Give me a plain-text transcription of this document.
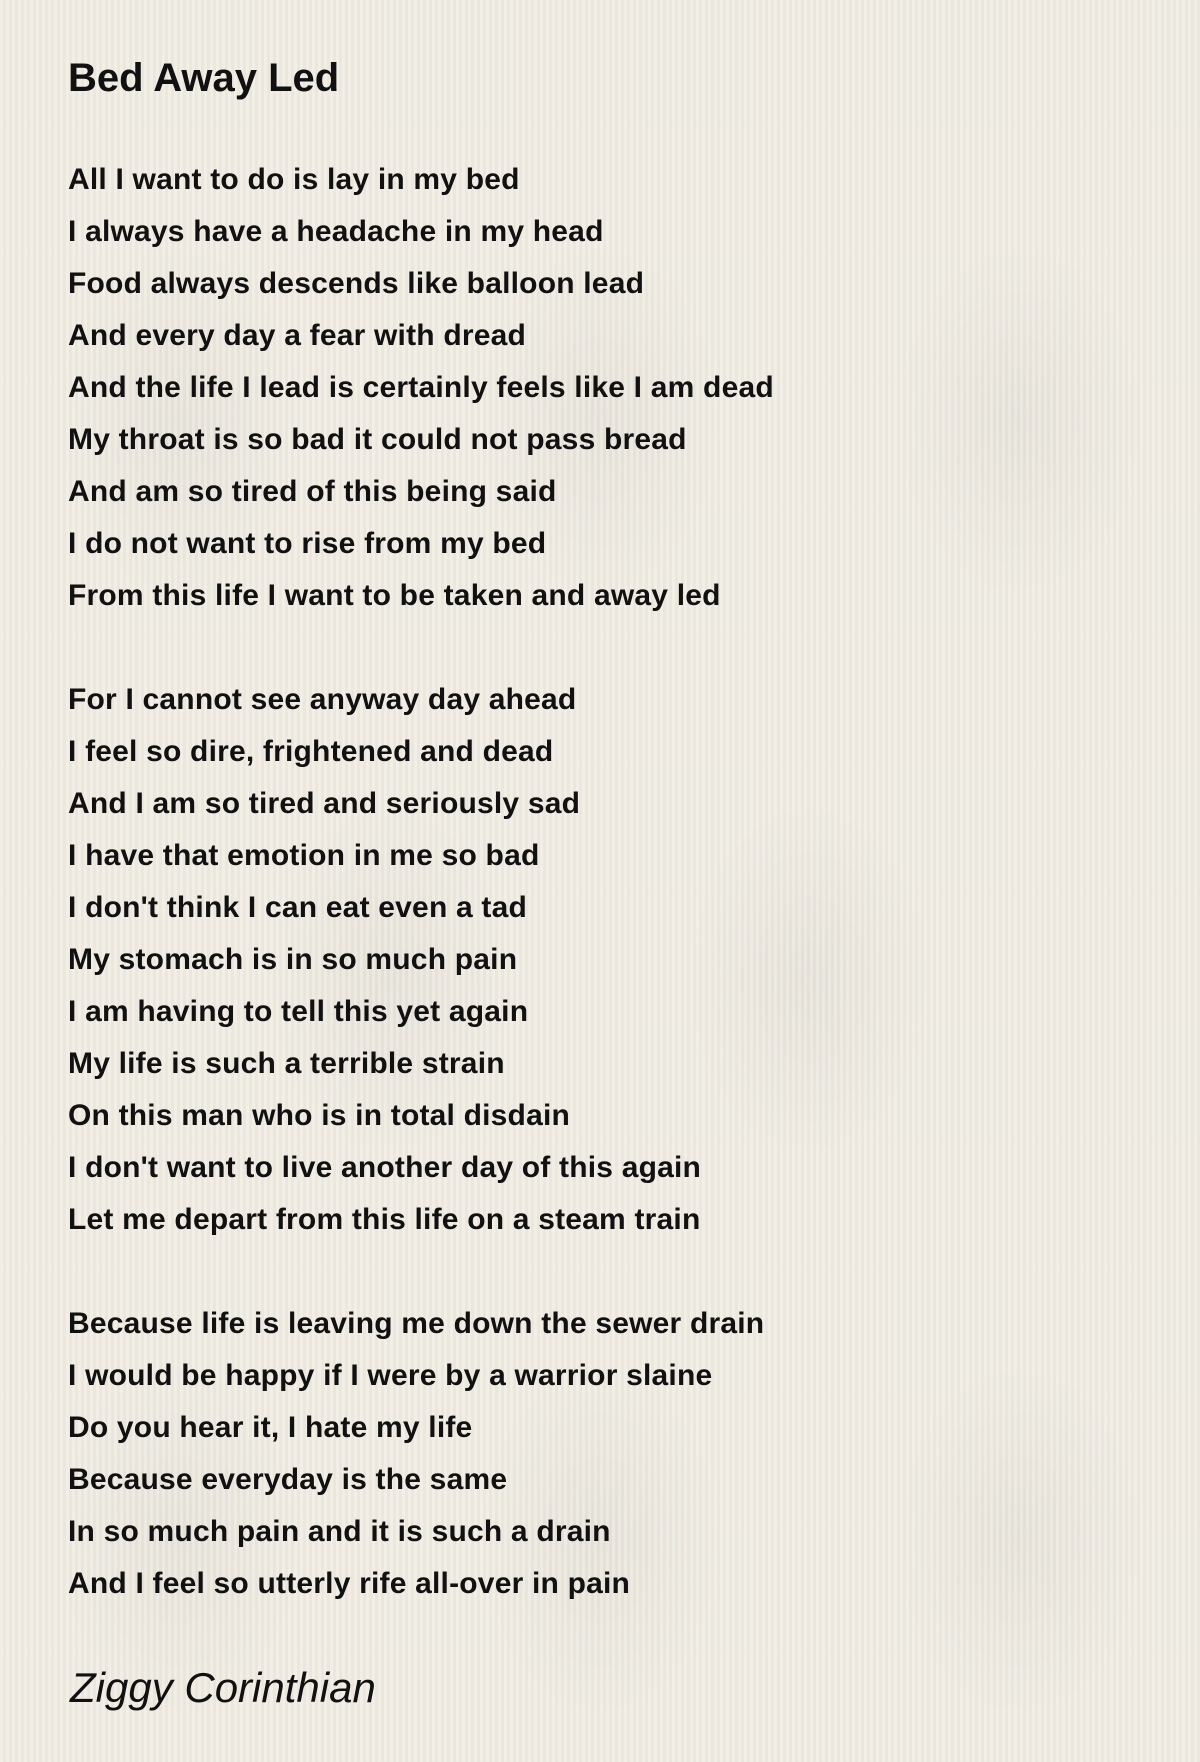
Bed Away Led
All I want to do is lay in my bed
I always have a headache in my head
Food always descends like balloon lead
And every day a fear with dread
And the life I lead is certainly feels like I am dead
My throat is so bad it could not pass bread
And am so tired of this being said
I do not want to rise from my bed
From this life I want to be taken and away led
For I cannot see anyway day ahead
I feel so dire, frightened and dead
And I am so tired and seriously sad
I have that emotion in me so bad
I don't think I can eat even a tad
My stomach is in so much pain
I am having to tell this yet again
My life is such a terrible strain
On this man who is in total disdain
I don't want to live another day of this again
Let me depart from this life on a steam train
Because life is leaving me down the sewer drain
I would be happy if I were by a warrior slaine
Do you hear it, I hate my life
Because everyday is the same
In so much pain and it is such a drain
And I feel so utterly rife all-over in pain
Ziggy Corinthian
